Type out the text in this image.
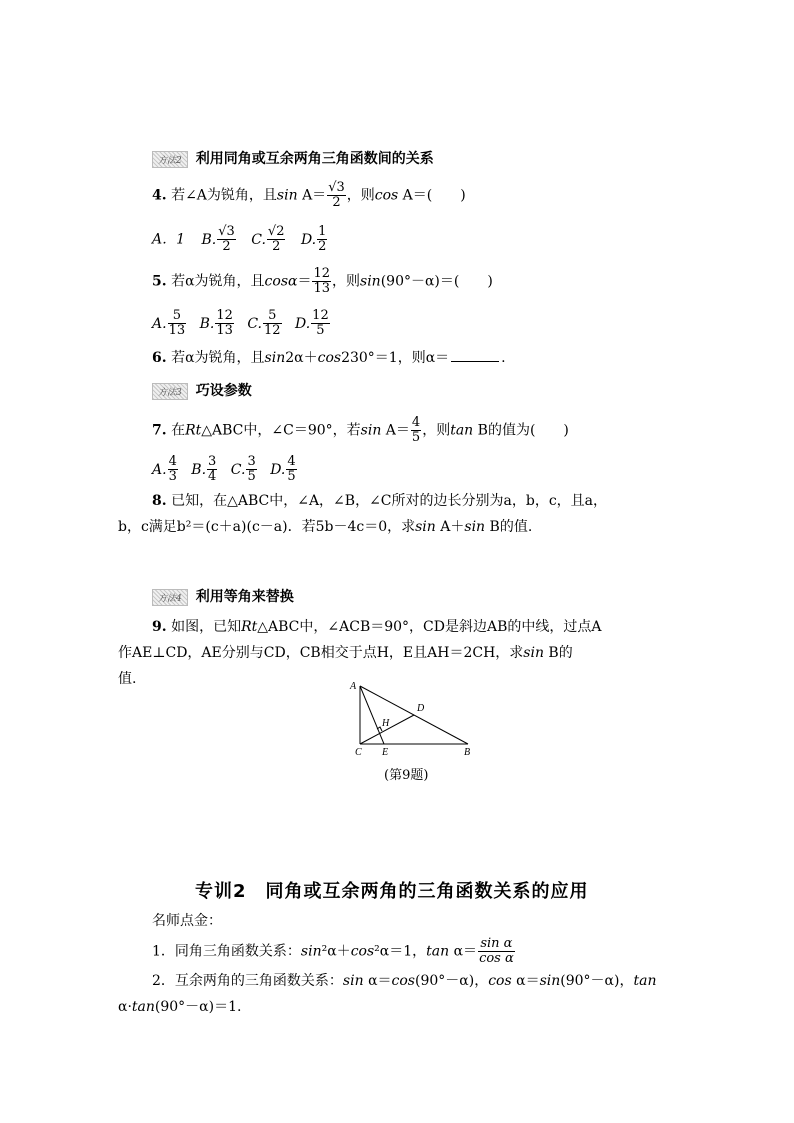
方法2 利用同角或互余两角三角函数间的关系
4. 若∠A为锐角，且$\sin A= \frac{√3}{2}$ ，则cos A＝(　　)
A．1 B. $\frac{√3}{2} C$. $\frac{√2}{2} D$. $\frac{1}{2}$
5. 若α为锐角，且$\cos\alpha= \frac{12}{13}$ ，则sin(90°－α)＝(　　)
A. $\frac{5}{13} B$. $\frac{12}{13} C$. $\frac{5}{12} D$. $\frac{12}{5}$
6. 若α为锐角，且sin2α＋cos230°＝1，则α＝	.
方法3 巧设参数
7. 在Rt△ABC中，∠C＝90°，若$\sin A= \frac{4}{5}$ ，则tan B的值为(　　)
A. $\frac{4}{3} B$. $\frac{3}{4} C$. $\frac{3}{5} D$. $\frac{4}{5}$
8. 已知，在△ABC中，∠A，∠B，∠C所对的边长分别为a，b，c，且a，
b，c满足b²＝(c＋a)(c－a)．若5b－4c＝0，求sin A＋sin B的值.
方法4 利用等角来替换
9. 如图，已知Rt△ABC中，∠ACB＝90°，CD是斜边AB的中线，过点A
作AE⊥CD，AE分别与CD，CB相交于点H，E且AH＝2CH，求sin B的
值.	A
D
H
C E	B
(第9题)
专训2　同角或互余两角的三角函数关系的应用
名师点金：
1．同角三角函数关系：sin²α＋cos²α＝1，$\tan \alpha= \frac{\text{sin α}}{\text{cos α}}$
2．互余两角的三角函数关系：sin α＝cos(90°－α)，cos α＝sin(90°－α)，tan
α·tan(90°－α)＝1.
